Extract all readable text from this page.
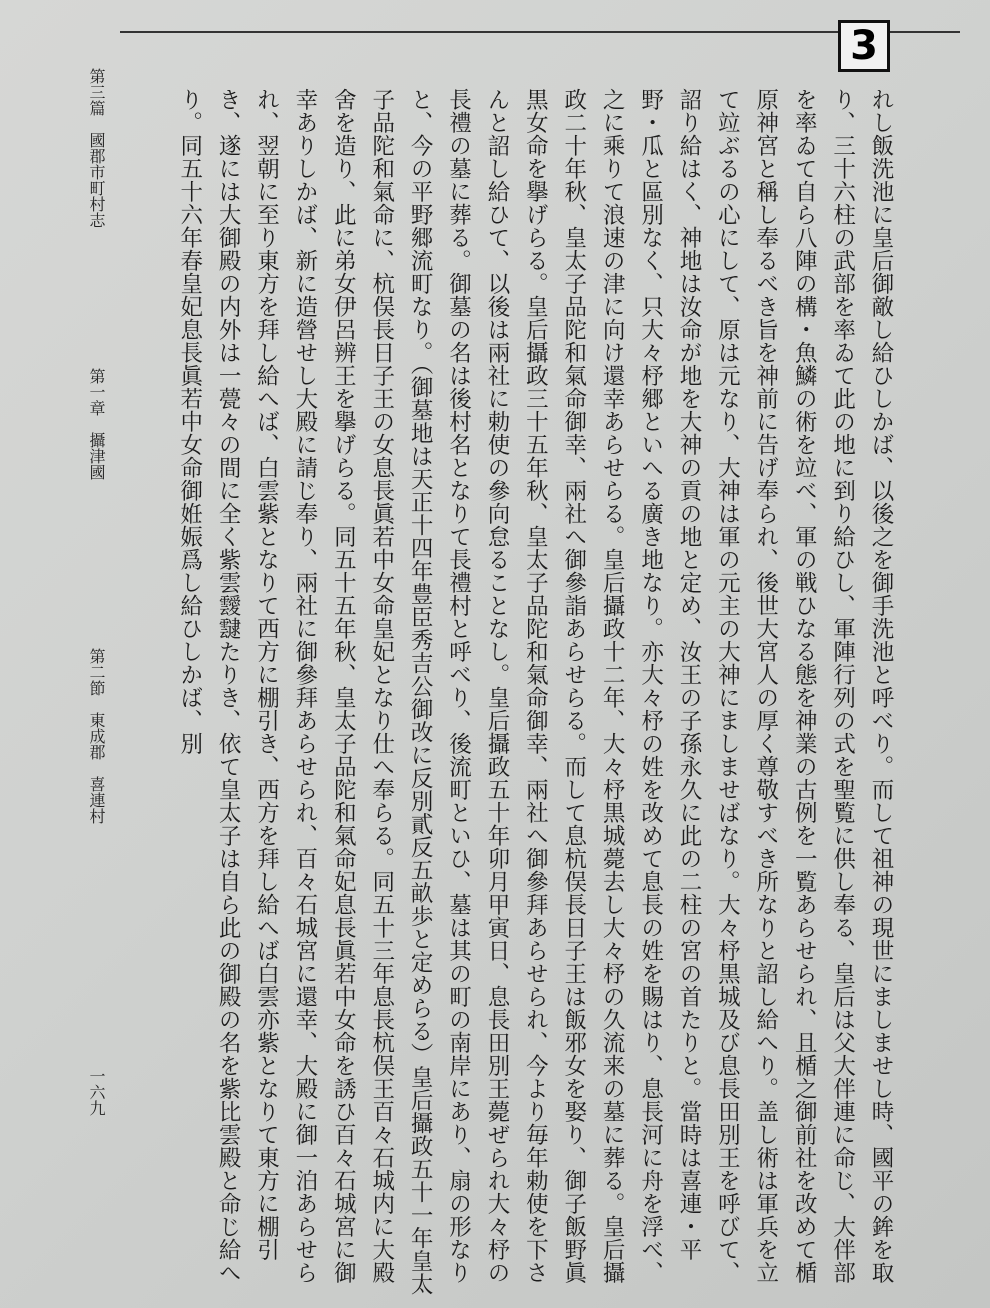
3
れし飯洗池に皇后御敵し給ひしかば、以後之を御手洗池と呼べり。而して祖神の現世にましませし時、國平の鉾を取り、三十六柱の武部を率ゐて此の地に到り給ひし、軍陣行列の式を聖覧に供し奉る、皇后は父大伴連に命じ、大伴部を率ゐて自ら八陣の構・魚鱗の術を竝べ、軍の戦ひなる態を神業の古例を一覧あらせられ、且楯之御前社を改めて楯原神宮と稱し奉るべき旨を神前に告げ奉られ、後世大宮人の厚く尊敬すべき所なりと詔し給へり。盖し術は軍兵を立て竝ぶるの心にして、原は元なり、大神は軍の元主の大神にましませばなり。大々杼黒城及び息長田別王を呼びて、詔り給はく、神地は汝命が地を大神の貢の地と定め、汝王の子孫永久に此の二柱の宮の首たりと。當時は喜連・平野・瓜と區別なく、只大々杼郷といへる廣き地なり。亦大々杼の姓を改めて息長の姓を賜はり、息長河に舟を浮べ、之に乘りて浪速の津に向け還幸あらせらる。皇后攝政十二年、大々杼黒城薨去し大々杼の久流来の墓に葬る。皇后攝政二十年秋、皇太子品陀和氣命御幸、兩社へ御參詣あらせらる。而して息杭俣長日子王は飯邪女を娶り、御子飯野眞黒女命を擧げらる。皇后攝政三十五年秋、皇太子品陀和氣命御幸、兩社へ御參拜あらせられ、今より毎年勅使を下さんと詔し給ひて、以後は兩社に勅使の參向怠ることなし。皇后攝政五十年卯月甲寅日、息長田別王薨ぜられ大々杼の長禮の墓に葬る。御墓の名は後村名となりて長禮村と呼べり、後流町といひ、墓は其の町の南岸にあり、扇の形なりと、今の平野郷流町なり。（御墓地は天正十四年豊臣秀吉公御改に反別貳反五畝歩と定めらる）皇后攝政五十一年皇太子品陀和氣命に、杭俣長日子王の女息長眞若中女命皇妃となり仕へ奉らる。同五十三年息長杭俣王百々石城内に大殿舍を造り、此に弟女伊呂辨王を擧げらる。同五十五年秋、皇太子品陀和氣命妃息長眞若中女命を誘ひ百々石城宮に御幸ありしかば、新に造營せし大殿に請じ奉り、兩社に御參拜あらせられ、百々石城宮に還幸、大殿に御一泊あらせられ、翌朝に至り東方を拜し給へば、白雲紫となりて西方に棚引き、西方を拜し給へば白雲亦紫となりて東方に棚引き、遂には大御殿の内外は一甍々の間に全く紫雲靉靆たりき、依て皇太子は自ら此の御殿の名を紫比雲殿と命じ給へり。同五十六年春皇妃息長眞若中女命御姙娠爲し給ひしかば、別
第三篇　國郡市町村志
第一章　攝津國
第二節　東成郡　喜連村
一六九
